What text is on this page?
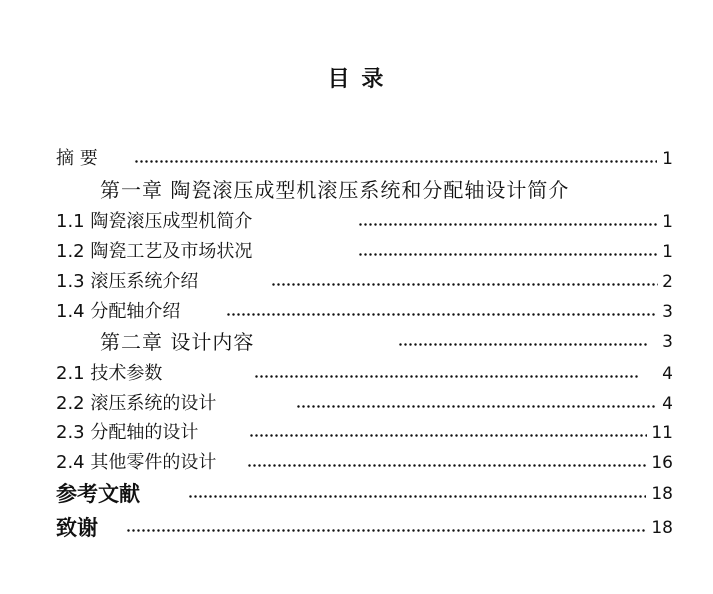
目 录
摘 要	1
第一章 陶瓷滚压成型机滚压系统和分配轴设计简介
1.1 陶瓷滚压成型机简介	1
1.2 陶瓷工艺及市场状况	1
1.3 滚压系统介绍	2
1.4 分配轴介绍	3
第二章 设计内容	3
2.1 技术参数	4
2.2 滚压系统的设计	4
2.3 分配轴的设计	11
2.4 其他零件的设计	16
参考文献	18
致谢	18
